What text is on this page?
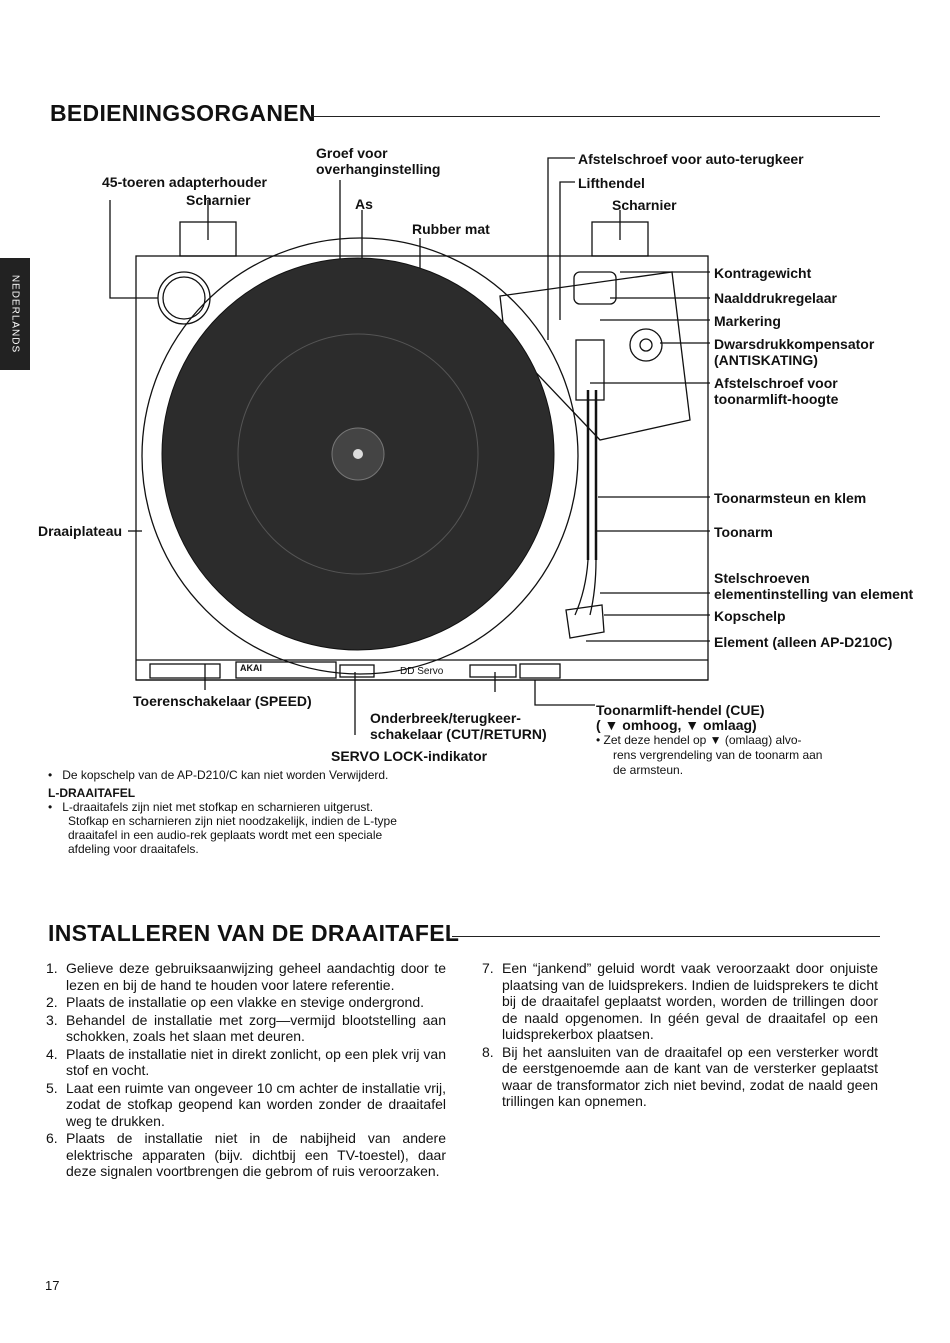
BEDIENINGSORGANEN
NEDERLANDS
Groef voor
overhanginstelling
45-toeren adapterhouder
Scharnier	As
Rubber mat
Afstelschroef voor auto-terugkeer
Lifthendel
Scharnier
Kontragewicht
Naalddrukregelaar
Markering
Dwarsdrukkompensator
(ANTISKATING)
Afstelschroef voor
toonarmlift-hoogte
Toonarmsteun en klem
Draaiplateau	Toonarm
Stelschroeven
elementinstelling van element
Kopschelp
Element (alleen AP-D210C)
AKAI	DD Servo
Toerenschakelaar (SPEED)
Onderbreek/terugkeer-
schakelaar (CUT/RETURN)
SERVO LOCK-indikator
Toonarmlift-hendel (CUE)
( ▼ omhoog, ▼ omlaag)
• Zet deze hendel op ▼ (omlaag) alvo-
rens vergrendeling van de toonarm aan
de armsteun.
•   De kopschelp van de AP-D210/C kan niet worden Verwijderd.
L-DRAAITAFEL
•   L-draaitafels zijn niet met stofkap en scharnieren uitgerust.
Stofkap en scharnieren zijn niet noodzakelijk, indien de L-type
draaitafel in een audio-rek geplaats wordt met een speciale
afdeling voor draaitafels.
INSTALLEREN VAN DE DRAAITAFEL
1. Gelieve deze gebruiksaanwijzing geheel aandachtig door te lezen en bij de hand te houden voor latere referentie.
2. Plaats de installatie op een vlakke en stevige ondergrond.
3. Behandel de installatie met zorg—vermijd blootstelling aan schokken, zoals het slaan met deuren.
4. Plaats de installatie niet in direkt zonlicht, op een plek vrij van stof en vocht.
5. Laat een ruimte van ongeveer 10 cm achter de installatie vrij, zodat de stofkap geopend kan worden zonder de draaitafel weg te drukken.
6. Plaats de installatie niet in de nabijheid van andere elektrische apparaten (bijv. dichtbij een TV-toestel), daar deze signalen voortbrengen die gebrom of ruis veroorzaken.
7. Een “jankend” geluid wordt vaak veroorzaakt door onjuiste plaatsing van de luidsprekers. Indien de luidsprekers te dicht bij de draaitafel geplaatst worden, worden de trillingen door de naald opgenomen. In géén geval de draaitafel op een luidsprekerbox plaatsen.
8. Bij het aansluiten van de draaitafel op een versterker wordt de eerstgenoemde aan de kant van de versterker geplaatst waar de transformator zich niet bevind, zodat de naald geen trillingen kan opnemen.
17
